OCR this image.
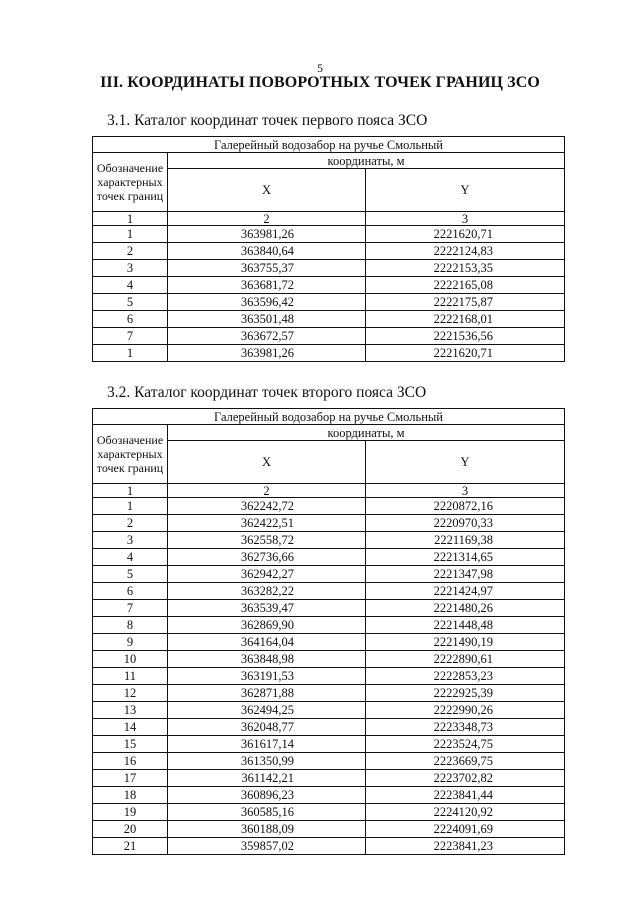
5
III. КООРДИНАТЫ ПОВОРОТНЫХ ТОЧЕК ГРАНИЦ ЗСО
3.1. Каталог координат точек первого пояса ЗСО
Галерейный водозабор на ручье Смольный		
Обозначение характерных точек границ	координаты, м	
	X	Y
1	2	3
1	363981,26	2221620,71
2	363840,64	2222124,83
3	363755,37	2222153,35
4	363681,72	2222165,08
5	363596,42	2222175,87
6	363501,48	2222168,01
7	363672,57	2221536,56
1	363981,26	2221620,71
3.2. Каталог координат точек второго пояса ЗСО
Галерейный водозабор на ручье Смольный		
Обозначение характерных точек границ	координаты, м	
	X	Y
1	2	3
1	362242,72	2220872,16
2	362422,51	2220970,33
3	362558,72	2221169,38
4	362736,66	2221314,65
5	362942,27	2221347,98
6	363282,22	2221424,97
7	363539,47	2221480,26
8	362869,90	2221448,48
9	364164,04	2221490,19
10	363848,98	2222890,61
11	363191,53	2222853,23
12	362871,88	2222925,39
13	362494,25	2222990,26
14	362048,77	2223348,73
15	361617,14	2223524,75
16	361350,99	2223669,75
17	361142,21	2223702,82
18	360896,23	2223841,44
19	360585,16	2224120,92
20	360188,09	2224091,69
21	359857,02	2223841,23
